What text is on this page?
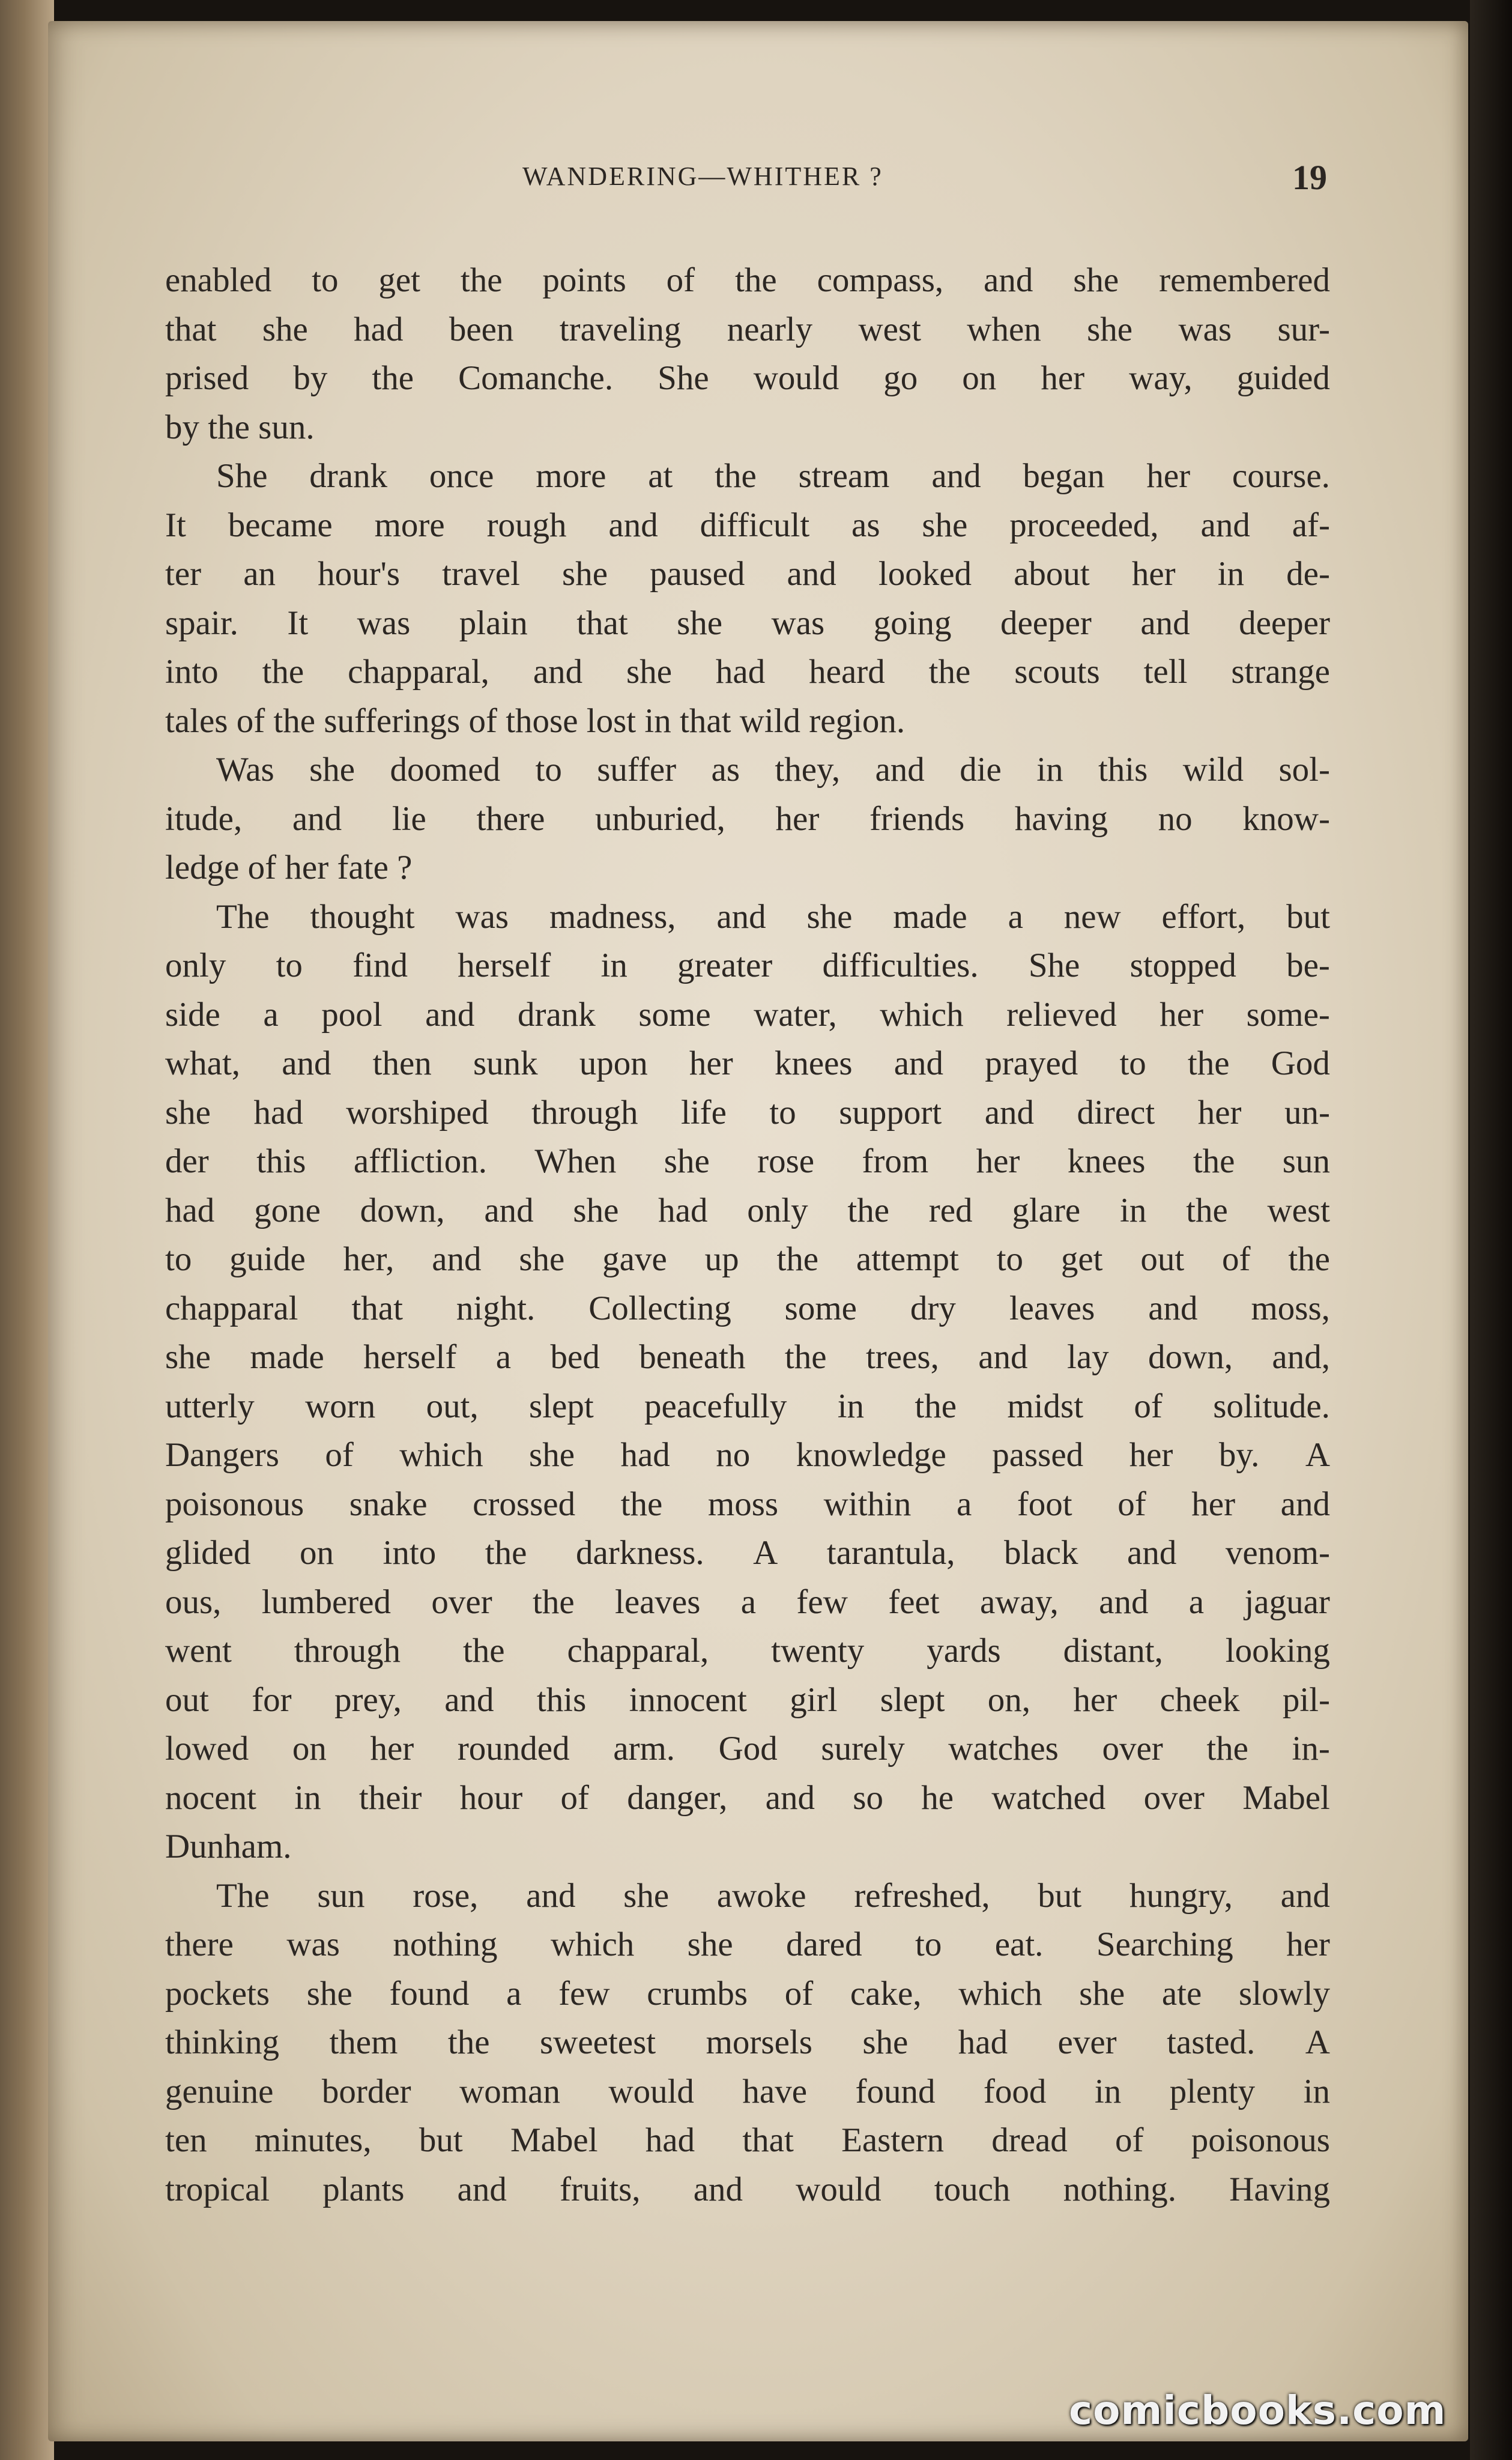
WANDERING—WHITHER ?	19
enabled to get the points of the compass, and she remembered
that she had been traveling nearly west when she was sur-
prised by the Comanche. She would go on her way, guided
by the sun.
She drank once more at the stream and began her course.
It became more rough and difficult as she proceeded, and af-
ter an hour's travel she paused and looked about her in de-
spair. It was plain that she was going deeper and deeper
into the chapparal, and she had heard the scouts tell strange
tales of the sufferings of those lost in that wild region.
Was she doomed to suffer as they, and die in this wild sol-
itude, and lie there unburied, her friends having no know-
ledge of her fate ?
The thought was madness, and she made a new effort, but
only to find herself in greater difficulties. She stopped be-
side a pool and drank some water, which relieved her some-
what, and then sunk upon her knees and prayed to the God
she had worshiped through life to support and direct her un-
der this affliction. When she rose from her knees the sun
had gone down, and she had only the red glare in the west
to guide her, and she gave up the attempt to get out of the
chapparal that night. Collecting some dry leaves and moss,
she made herself a bed beneath the trees, and lay down, and,
utterly worn out, slept peacefully in the midst of solitude.
Dangers of which she had no knowledge passed her by. A
poisonous snake crossed the moss within a foot of her and
glided on into the darkness. A tarantula, black and venom-
ous, lumbered over the leaves a few feet away, and a jaguar
went through the chapparal, twenty yards distant, looking
out for prey, and this innocent girl slept on, her cheek pil-
lowed on her rounded arm. God surely watches over the in-
nocent in their hour of danger, and so he watched over Mabel
Dunham.
The sun rose, and she awoke refreshed, but hungry, and
there was nothing which she dared to eat. Searching her
pockets she found a few crumbs of cake, which she ate slowly
thinking them the sweetest morsels she had ever tasted. A
genuine border woman would have found food in plenty in
ten minutes, but Mabel had that Eastern dread of poisonous
tropical plants and fruits, and would touch nothing. Having
comicbooks.com
